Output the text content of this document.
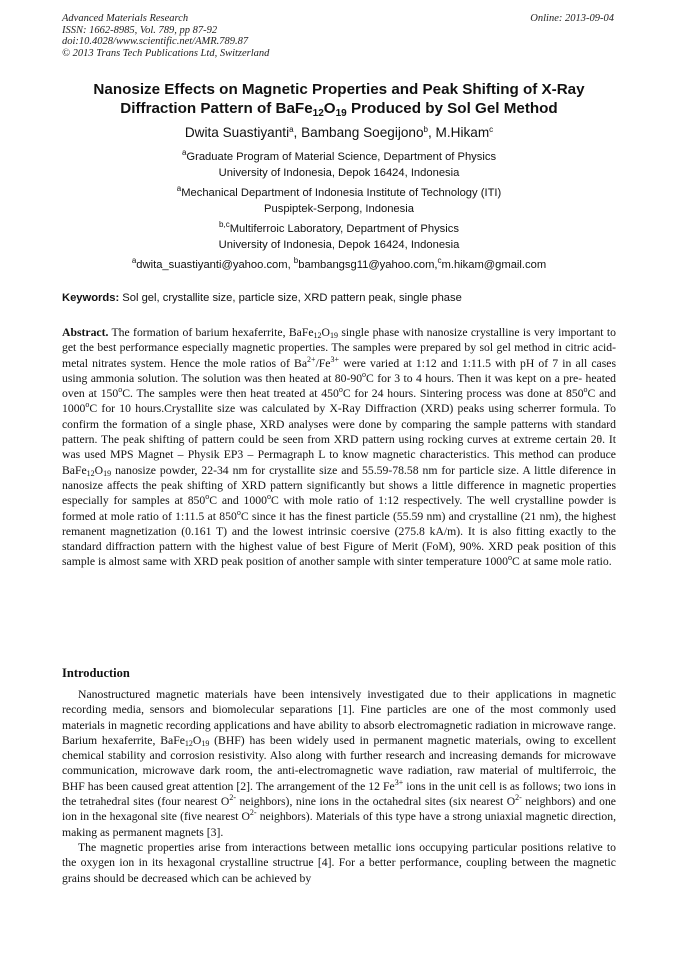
Advanced Materials Research
ISSN: 1662-8985, Vol. 789, pp 87-92
doi:10.4028/www.scientific.net/AMR.789.87
© 2013 Trans Tech Publications Ltd, Switzerland
Online: 2013-09-04
Nanosize Effects on Magnetic Properties and Peak Shifting of X-Ray
Diffraction Pattern of $BaFe_{12}O_{19}$ Produced by Sol Gel Method
Dwita Suastiyanti$^a$, Bambang Soegijono$^b$, M.Hikam$^c$
$^a$Graduate Program of Material Science, Department of Physics
University of Indonesia, Depok 16424, Indonesia
$^a$Mechanical Department of Indonesia Institute of Technology (ITI)
Puspiptek-Serpong, Indonesia
$^{b,c}$Multiferroic Laboratory, Department of Physics
University of Indonesia, Depok 16424, Indonesia
$^a$dwita_suastiyanti@yahoo.com, $^b$bambangsg11@yahoo.com,$^c$m.hikam@gmail.com
Keywords: Sol gel, crystallite size, particle size, XRD pattern peak, single phase

Abstract. The formation of barium hexaferrite, $BaFe_{12}O_{19}$ single phase with nanosize crystalline is very important to get the best performance especially magnetic properties. The samples were prepared by sol gel method in citric acid-metal nitrates system. Hence the mole ratios of $Ba^{2+}/Fe^{3+}$ were varied at 1:12 and 1:11.5 with pH of 7 in all cases using ammonia solution. The solution was then heated at 80-90$^o$C for 3 to 4 hours. Then it was kept on a pre- heated oven at 150$^o$C. The samples were then heat treated at 450$^o$C for 24 hours. Sintering process was done at 850$^o$C and 1000$^o$C for 10 hours.Crystallite size was calculated by X-Ray Diffraction (XRD) peaks using scherrer formula. To confirm the formation of a single phase, XRD analyses were done by comparing the sample patterns with standard pattern. The peak shifting of pattern could be seen from XRD pattern using rocking curves at extreme certain 2θ. It was used MPS Magnet – Physik EP3 – Permagraph L to know magnetic characteristics. This method can produce $BaFe_{12}O_{19}$ nanosize powder, 22-34 nm for crystallite size and 55.59-78.58 nm for particle size. A little diference in nanosize affects the peak shifting of XRD pattern significantly but shows a little difference in magnetic properties especially for samples at 850$^o$C and 1000$^o$C with mole ratio of 1:12 respectively. The well crystalline powder is formed at mole ratio of 1:11.5 at 850$^o$C since it has the finest particle (55.59 nm) and crystalline (21 nm), the highest remanent magnetization (0.161 T) and the lowest intrinsic coersive (275.8 kA/m). It is also fitting exactly to the standard diffraction pattern with the highest value of best Figure of Merit (FoM), 90%. XRD peak position of this sample is almost same with XRD peak position of another sample with sinter temperature 1000$^o$C at same mole ratio.

Introduction

Nanostructured magnetic materials have been intensively investigated due to their applications in magnetic recording media, sensors and biomolecular separations [1]. Fine particles are one of the most commonly used materials in magnetic recording applications and have ability to absorb electromagnetic radiation in microwave range. Barium hexaferrite, $BaFe_{12}O_{19}$ (BHF) has been widely used in permanent magnetic materials, owing to excellent chemical stability and corrosion resistivity. Also along with further research and increasing demands for microwave communication, microwave dark room, the anti-electromagnetic wave radiation, raw material of multiferroic, the BHF has been caused great attention [2]. The arrangement of the 12 $Fe^{3+}$ ions in the unit cell is as follows; two ions in the tetrahedral sites (four nearest $O^{2-}$ neighbors), nine ions in the octahedral sites (six nearest $O^{2-}$ neighbors) and one ion in the hexagonal site (five nearest $O^{2-}$ neighbors). Materials of this type have a strong uniaxial magnetic direction, making as permanent magnets [3].

The magnetic properties arise from interactions between metallic ions occupying particular positions relative to the oxygen ion in its hexagonal crystalline structrue [4]. For a better performance, coupling between the magnetic grains should be decreased which can be achieved by
